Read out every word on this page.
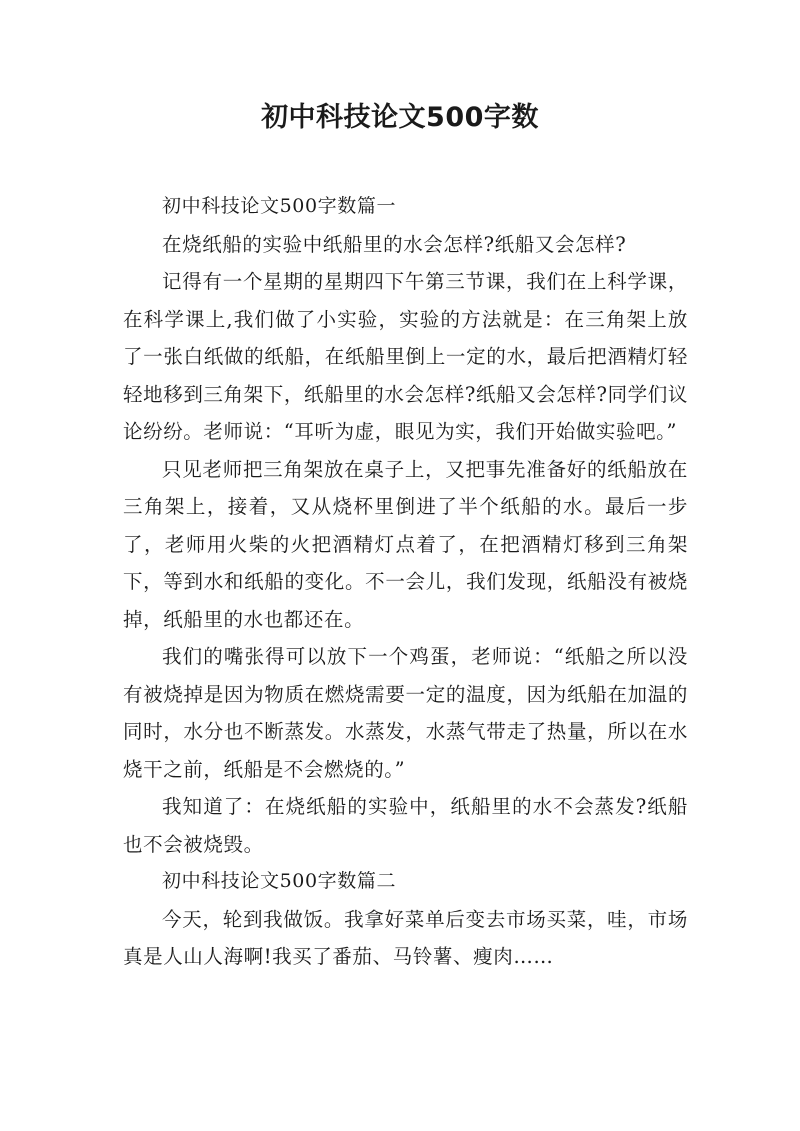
初中科技论文500字数

初中科技论文500字数篇一

在烧纸船的实验中纸船里的水会怎样?纸船又会怎样?

记得有一个星期的星期四下午第三节课，我们在上科学课，在科学课上,我们做了小实验，实验的方法就是：在三角架上放了一张白纸做的纸船，在纸船里倒上一定的水，最后把酒精灯轻轻地移到三角架下，纸船里的水会怎样?纸船又会怎样?同学们议论纷纷。老师说：“耳听为虚，眼见为实，我们开始做实验吧。”

只见老师把三角架放在桌子上，又把事先准备好的纸船放在三角架上，接着，又从烧杯里倒进了半个纸船的水。最后一步了，老师用火柴的火把酒精灯点着了，在把酒精灯移到三角架下，等到水和纸船的变化。不一会儿，我们发现，纸船没有被烧掉，纸船里的水也都还在。

我们的嘴张得可以放下一个鸡蛋，老师说：“纸船之所以没有被烧掉是因为物质在燃烧需要一定的温度，因为纸船在加温的同时，水分也不断蒸发。水蒸发，水蒸气带走了热量，所以在水烧干之前，纸船是不会燃烧的。”

我知道了：在烧纸船的实验中，纸船里的水不会蒸发?纸船也不会被烧毁。

初中科技论文500字数篇二

今天，轮到我做饭。我拿好菜单后变去市场买菜，哇，市场真是人山人海啊!我买了番茄、马铃薯、瘦肉……
